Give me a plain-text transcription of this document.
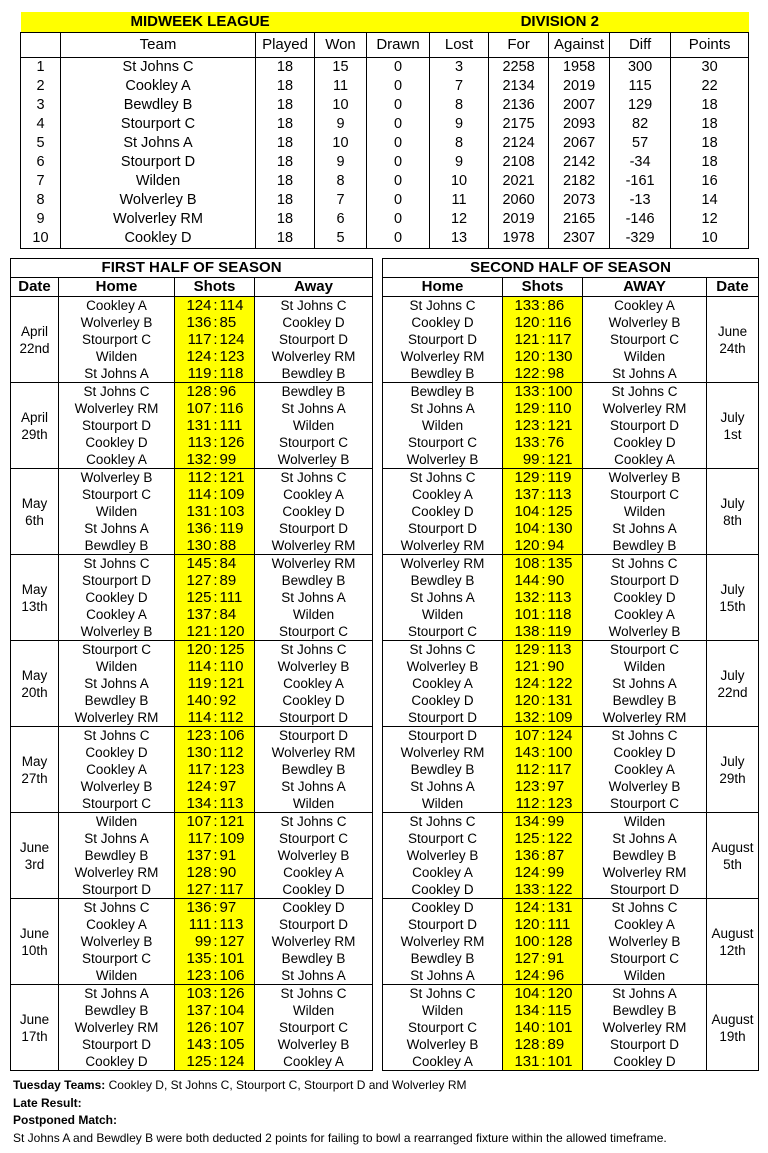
MIDWEEK LEAGUE						DIVISION 2			
	Team	Played	Won	Drawn	Lost	For	Against	Diff	Points
1	St Johns C	18	15	0	3	2258	1958	300	30
2	Cookley A	18	11	0	7	2134	2019	115	22
3	Bewdley B	18	10	0	8	2136	2007	129	18
4	Stourport C	18	9	0	9	2175	2093	82	18
5	St Johns A	18	10	0	8	2124	2067	57	18
6	Stourport D	18	9	0	9	2108	2142	-34	18
7	Wilden	18	8	0	10	2021	2182	-161	16
8	Wolverley B	18	7	0	11	2060	2073	-13	14
9	Wolverley RM	18	6	0	12	2019	2165	-146	12
10	Cookley D	18	5	0	13	1978	2307	-329	10
FIRST HALF OF SEASON					
Date	Home	Shots			Away

April
22nd	Cookley A	124	:	114	St Johns C
	Wolverley B	136	:	85	Cookley D
	Stourport C	117	:	124	Stourport D
	Wilden	124	:	123	Wolverley RM
	St Johns A	119	:	118	Bewdley B

April
29th	St Johns C	128	:	96	Bewdley B
	Wolverley RM	107	:	116	St Johns A
	Stourport D	131	:	111	Wilden
	Cookley D	113	:	126	Stourport C
	Cookley A	132	:	99	Wolverley B

May
6th	Wolverley B	112	:	121	St Johns C
	Stourport C	114	:	109	Cookley A
	Wilden	131	:	103	Cookley D
	St Johns A	136	:	119	Stourport D
	Bewdley B	130	:	88	Wolverley RM

May
13th	St Johns C	145	:	84	Wolverley RM
	Stourport D	127	:	89	Bewdley B
	Cookley D	125	:	111	St Johns A
	Cookley A	137	:	84	Wilden
	Wolverley B	121	:	120	Stourport C

May
20th	Stourport C	120	:	125	St Johns C
	Wilden	114	:	110	Wolverley B
	St Johns A	119	:	121	Cookley A
	Bewdley B	140	:	92	Cookley D
	Wolverley RM	114	:	112	Stourport D

May
27th	St Johns C	123	:	106	Stourport D
	Cookley D	130	:	112	Wolverley RM
	Cookley A	117	:	123	Bewdley B
	Wolverley B	124	:	97	St Johns A
	Stourport C	134	:	113	Wilden

June
3rd	Wilden	107	:	121	St Johns C
	St Johns A	117	:	109	Stourport C
	Bewdley B	137	:	91	Wolverley B
	Wolverley RM	128	:	90	Cookley A
	Stourport D	127	:	117	Cookley D

June
10th	St Johns C	136	:	97	Cookley D
	Cookley A	111	:	113	Stourport D
	Wolverley B	99	:	127	Wolverley RM
	Stourport C	135	:	101	Bewdley B
	Wilden	123	:	106	St Johns A

June
17th	St Johns A	103	:	126	St Johns C
	Bewdley B	137	:	104	Wilden
	Wolverley RM	126	:	107	Stourport C
	Stourport D	143	:	105	Wolverley B
	Cookley D	125	:	124	Cookley A
SECOND HALF OF SEASON					
Home	Shots			AWAY	Date
St Johns C	133	:	86	Cookley A	June
24th

Cookley D	120	:	116	Wolverley B	
Stourport D	121	:	117	Stourport C	
Wolverley RM	120	:	130	Wilden	
Bewdley B	122	:	98	St Johns A	
Bewdley B	133	:	100	St Johns C	July
1st

St Johns A	129	:	110	Wolverley RM	
Wilden	123	:	121	Stourport D	
Stourport C	133	:	76	Cookley D	
Wolverley B	99	:	121	Cookley A	
St Johns C	129	:	119	Wolverley B	July
8th

Cookley A	137	:	113	Stourport C	
Cookley D	104	:	125	Wilden	
Stourport D	104	:	130	St Johns A	
Wolverley RM	120	:	94	Bewdley B	
Wolverley RM	108	:	135	St Johns C	July
15th

Bewdley B	144	:	90	Stourport D	
St Johns A	132	:	113	Cookley D	
Wilden	101	:	118	Cookley A	
Stourport C	138	:	119	Wolverley B	
St Johns C	129	:	113	Stourport C	July
22nd

Wolverley B	121	:	90	Wilden	
Cookley A	124	:	122	St Johns A	
Cookley D	120	:	131	Bewdley B	
Stourport D	132	:	109	Wolverley RM	
Stourport D	107	:	124	St Johns C	July
29th

Wolverley RM	143	:	100	Cookley D	
Bewdley B	112	:	117	Cookley A	
St Johns A	123	:	97	Wolverley B	
Wilden	112	:	123	Stourport C	
St Johns C	134	:	99	Wilden	August
5th

Stourport C	125	:	122	St Johns A	
Wolverley B	136	:	87	Bewdley B	
Cookley A	124	:	99	Wolverley RM	
Cookley D	133	:	122	Stourport D	
Cookley D	124	:	131	St Johns C	August
12th

Stourport D	120	:	111	Cookley A	
Wolverley RM	100	:	128	Wolverley B	
Bewdley B	127	:	91	Stourport C	
St Johns A	124	:	96	Wilden	
St Johns C	104	:	120	St Johns A	August
19th

Wilden	134	:	115	Bewdley B	
Stourport C	140	:	101	Wolverley RM	
Wolverley B	128	:	89	Stourport D	
Cookley A	131	:	101	Cookley D	
Tuesday Teams: Cookley D, St Johns C, Stourport C, Stourport D and Wolverley RM
Late Result:
Postponed Match:
St Johns A and Bewdley B were both deducted 2 points for failing to bowl a rearranged fixture within the allowed timeframe.
